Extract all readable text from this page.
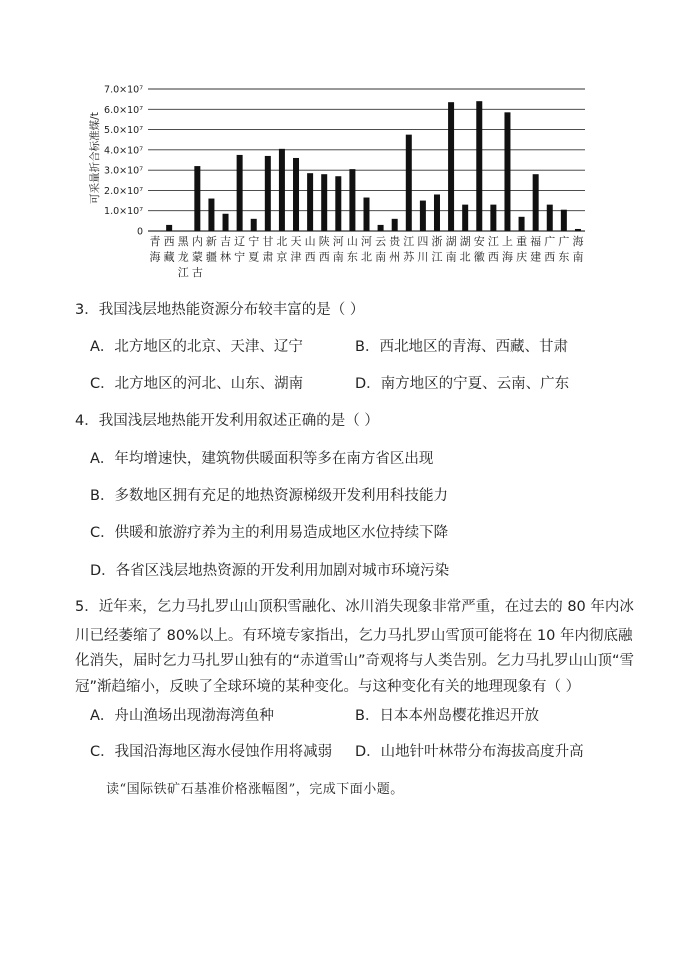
0
1.0×10⁷
2.0×10⁷
3.0×10⁷
4.0×10⁷
5.0×10⁷
6.0×10⁷
7.0×10⁷
青海
西藏
黑龙江
内蒙古
新疆
吉林
辽宁
宁夏
甘肃
北京
天津
山西
陕西
河南
山东
河北
云南
贵州
江苏
四川
浙江
湖南
湖北
安徽
江西
上海
重庆
福建
广西
广东
海南
可采量折合标准煤/t
3．我国浅层地热能资源分布较丰富的是（ ）
A．北方地区的北京、天津、辽宁	B．西北地区的青海、西藏、甘肃
C．北方地区的河北、山东、湖南	D．南方地区的宁夏、云南、广东
4．我国浅层地热能开发利用叙述正确的是（ ）
A．年均增速快，建筑物供暖面积等多在南方省区出现
B．多数地区拥有充足的地热资源梯级开发利用科技能力
C．供暖和旅游疗养为主的利用易造成地区水位持续下降
D．各省区浅层地热资源的开发利用加剧对城市环境污染
5．近年来，乞力马扎罗山山顶积雪融化、冰川消失现象非常严重，在过去的 80 年内冰
川已经萎缩了 80%以上。有环境专家指出，乞力马扎罗山雪顶可能将在 10 年内彻底融
化消失，届时乞力马扎罗山独有的“赤道雪山”奇观将与人类告别。乞力马扎罗山山顶“雪
冠”渐趋缩小，反映了全球环境的某种变化。与这种变化有关的地理现象有（ ）
A．舟山渔场出现渤海湾鱼种	B．日本本州岛樱花推迟开放
C．我国沿海地区海水侵蚀作用将减弱 D．山地针叶林带分布海拔高度升高
读“国际铁矿石基准价格涨幅图”，完成下面小题。
